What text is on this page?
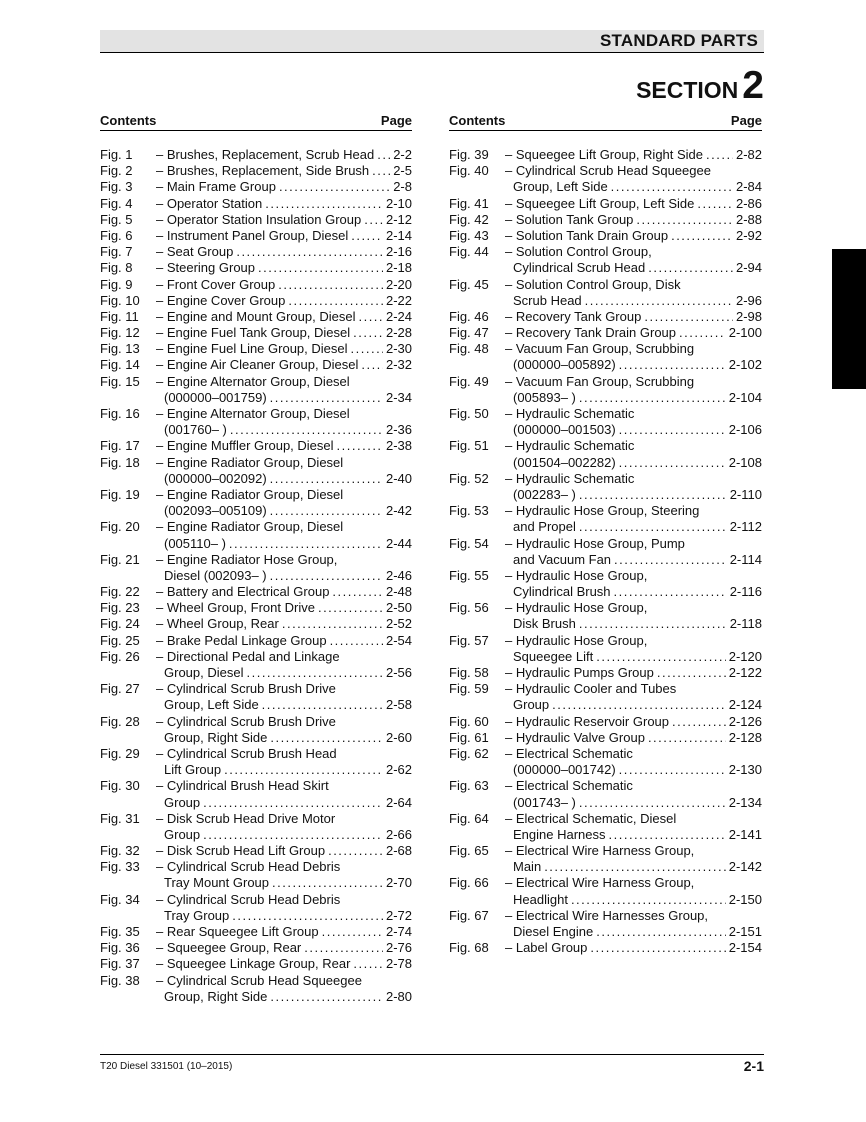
STANDARD PARTS
SECTION 2
Contents	Page
Fig. 1	– Brushes, Replacement, Scrub Head ..... 2-2
Fig. 2	– Brushes, Replacement, Side Brush ..... 2-5
Fig. 3	– Main Frame Group .....	2-8
Fig. 4	– Operator Station .....	2-10
Fig. 5	– Operator Station Insulation Group ..... 2-12
Fig. 6	– Instrument Panel Group, Diesel .....	2-14
Fig. 7	– Seat Group .....	2-16
Fig. 8	– Steering Group .....	2-18
Fig. 9	– Front Cover Group .....	2-20
Fig. 10	– Engine Cover Group .....	2-22
Fig. 11	– Engine and Mount Group, Diesel ..... 2-24
Fig. 12	– Engine Fuel Tank Group, Diesel .....	2-28
Fig. 13	– Engine Fuel Line Group, Diesel .....	2-30
Fig. 14	– Engine Air Cleaner Group, Diesel ..... 2-32
Fig. 15	– Engine Alternator Group, Diesel
(000000–001759) .....	2-34
Fig. 16	– Engine Alternator Group, Diesel
(001760– ) .....	2-36
Fig. 17	– Engine Muffler Group, Diesel .....	2-38
Fig. 18	– Engine Radiator Group, Diesel
(000000–002092) .....	2-40
Fig. 19	– Engine Radiator Group, Diesel
(002093–005109) .....	2-42
Fig. 20	– Engine Radiator Group, Diesel
(005110– ) .....	2-44
Fig. 21	– Engine Radiator Hose Group,
Diesel (002093– ) .....	2-46
Fig. 22	– Battery and Electrical Group .....	2-48
Fig. 23	– Wheel Group, Front Drive .....	2-50
Fig. 24	– Wheel Group, Rear .....	2-52
Fig. 25	– Brake Pedal Linkage Group .....	2-54
Fig. 26	– Directional Pedal and Linkage
Group, Diesel .....	2-56
Fig. 27	– Cylindrical Scrub Brush Drive
Group, Left Side .....	2-58
Fig. 28	– Cylindrical Scrub Brush Drive
Group, Right Side .....	2-60
Fig. 29	– Cylindrical Scrub Brush Head
Lift Group .....	2-62
Fig. 30	– Cylindrical Brush Head Skirt
Group .....	2-64
Fig. 31	– Disk Scrub Head Drive Motor
Group .....	2-66
Fig. 32	– Disk Scrub Head Lift Group .....	2-68
Fig. 33	– Cylindrical Scrub Head Debris
Tray Mount Group .....	2-70
Fig. 34	– Cylindrical Scrub Head Debris
Tray Group .....	2-72
Fig. 35	– Rear Squeegee Lift Group .....	2-74
Fig. 36	– Squeegee Group, Rear .....	2-76
Fig. 37	– Squeegee Linkage Group, Rear .....	2-78
Fig. 38	– Cylindrical Scrub Head Squeegee
Group, Right Side .....	2-80
Contents	Page
Fig. 39	– Squeegee Lift Group, Right Side .....	2-82
Fig. 40	– Cylindrical Scrub Head Squeegee
Group, Left Side .....	2-84
Fig. 41	– Squeegee Lift Group, Left Side .....	2-86
Fig. 42	– Solution Tank Group .....	2-88
Fig. 43	– Solution Tank Drain Group .....	2-92
Fig. 44	– Solution Control Group,
Cylindrical Scrub Head .....	2-94
Fig. 45	– Solution Control Group, Disk
Scrub Head .....	2-96
Fig. 46	– Recovery Tank Group .....	2-98
Fig. 47	– Recovery Tank Drain Group .....	2-100
Fig. 48	– Vacuum Fan Group, Scrubbing
(000000–005892) .....	2-102
Fig. 49	– Vacuum Fan Group, Scrubbing
(005893– ) .....	2-104
Fig. 50	– Hydraulic Schematic
(000000–001503) .....	2-106
Fig. 51	– Hydraulic Schematic
(001504–002282) .....	2-108
Fig. 52	– Hydraulic Schematic
(002283– ) .....	2-110
Fig. 53	– Hydraulic Hose Group, Steering
and Propel .....	2-112
Fig. 54	– Hydraulic Hose Group, Pump
and Vacuum Fan .....	2-114
Fig. 55	– Hydraulic Hose Group,
Cylindrical Brush .....	2-116
Fig. 56	– Hydraulic Hose Group,
Disk Brush .....	2-118
Fig. 57	– Hydraulic Hose Group,
Squeegee Lift .....	2-120
Fig. 58	– Hydraulic Pumps Group .....	2-122
Fig. 59	– Hydraulic Cooler and Tubes
Group .....	2-124
Fig. 60	– Hydraulic Reservoir Group .....	2-126
Fig. 61	– Hydraulic Valve Group .....	2-128
Fig. 62	– Electrical Schematic
(000000–001742) .....	2-130
Fig. 63	– Electrical Schematic
(001743– ) .....	2-134
Fig. 64	– Electrical Schematic, Diesel
Engine Harness .....	2-141
Fig. 65	– Electrical Wire Harness Group,
Main .....	2-142
Fig. 66	– Electrical Wire Harness Group,
Headlight .....	2-150
Fig. 67	– Electrical Wire Harnesses Group,
Diesel Engine .....	2-151
Fig. 68	– Label Group .....	2-154
T20 Diesel 331501 (10–2015)	2-1
